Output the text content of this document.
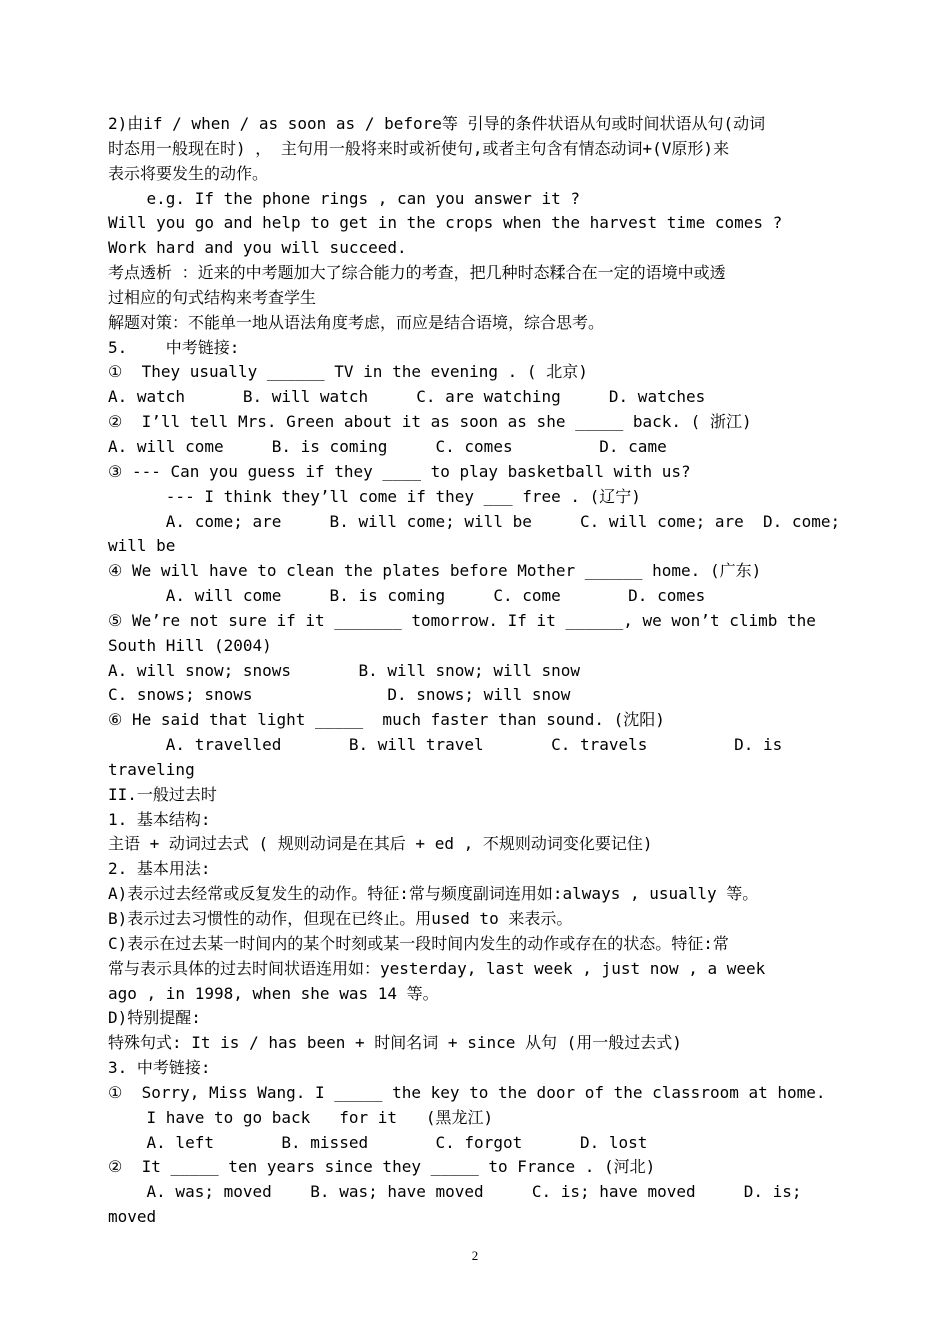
2)由if / when / as soon as / before等 引导的条件状语从句或时间状语从句(动词
时态用一般现在时) ， 主句用一般将来时或祈使句,或者主句含有情态动词+(V原形)来
表示将要发生的动作。
e.g. If the phone rings , can you answer it ?
Will you go and help to get in the crops when the harvest time comes ?
Work hard and you will succeed.
考点透析 ：近来的中考题加大了综合能力的考查，把几种时态糅合在一定的语境中或透
过相应的句式结构来考查学生
解题对策：不能单一地从语法角度考虑，而应是结合语境，综合思考。
5.    中考链接:
①  They usually ______ TV in the evening . ( 北京)
A. watch      B. will watch     C. are watching     D. watches
②  I’ll tell Mrs. Green about it as soon as she _____ back. ( 浙江)
A. will come     B. is coming     C. comes         D. came
③ --- Can you guess if they ____ to play basketball with us?
--- I think they’ll come if they ___ free . (辽宁)
A. come; are     B. will come; will be     C. will come; are  D. come;
will be
④ We will have to clean the plates before Mother ______ home. (广东)
A. will come     B. is coming     C. come       D. comes
⑤ We’re not sure if it _______ tomorrow. If it ______, we won’t climb the
South Hill (2004)
A. will snow; snows       B. will snow; will snow
C. snows; snows              D. snows; will snow
⑥ He said that light _____  much faster than sound. (沈阳)
A. travelled       B. will travel       C. travels         D. is
traveling
II.一般过去时
1. 基本结构:
主语 + 动词过去式 ( 规则动词是在其后 + ed , 不规则动词变化要记住)
2. 基本用法:
A)表示过去经常或反复发生的动作。特征:常与频度副词连用如:always , usually 等。
B)表示过去习惯性的动作，但现在已终止。用used to 来表示。
C)表示在过去某一时间内的某个时刻或某一段时间内发生的动作或存在的状态。特征:常
常与表示具体的过去时间状语连用如：yesterday, last week , just now , a week
ago , in 1998, when she was 14 等。
D)特别提醒:
特殊句式: It is / has been + 时间名词 + since 从句 (用一般过去式)
3. 中考链接:
①  Sorry, Miss Wang. I _____ the key to the door of the classroom at home.
I have to go back   for it   (黑龙江)
A. left       B. missed       C. forgot      D. lost
②  It _____ ten years since they _____ to France . (河北)
A. was; moved    B. was; have moved     C. is; have moved     D. is;
moved
2
